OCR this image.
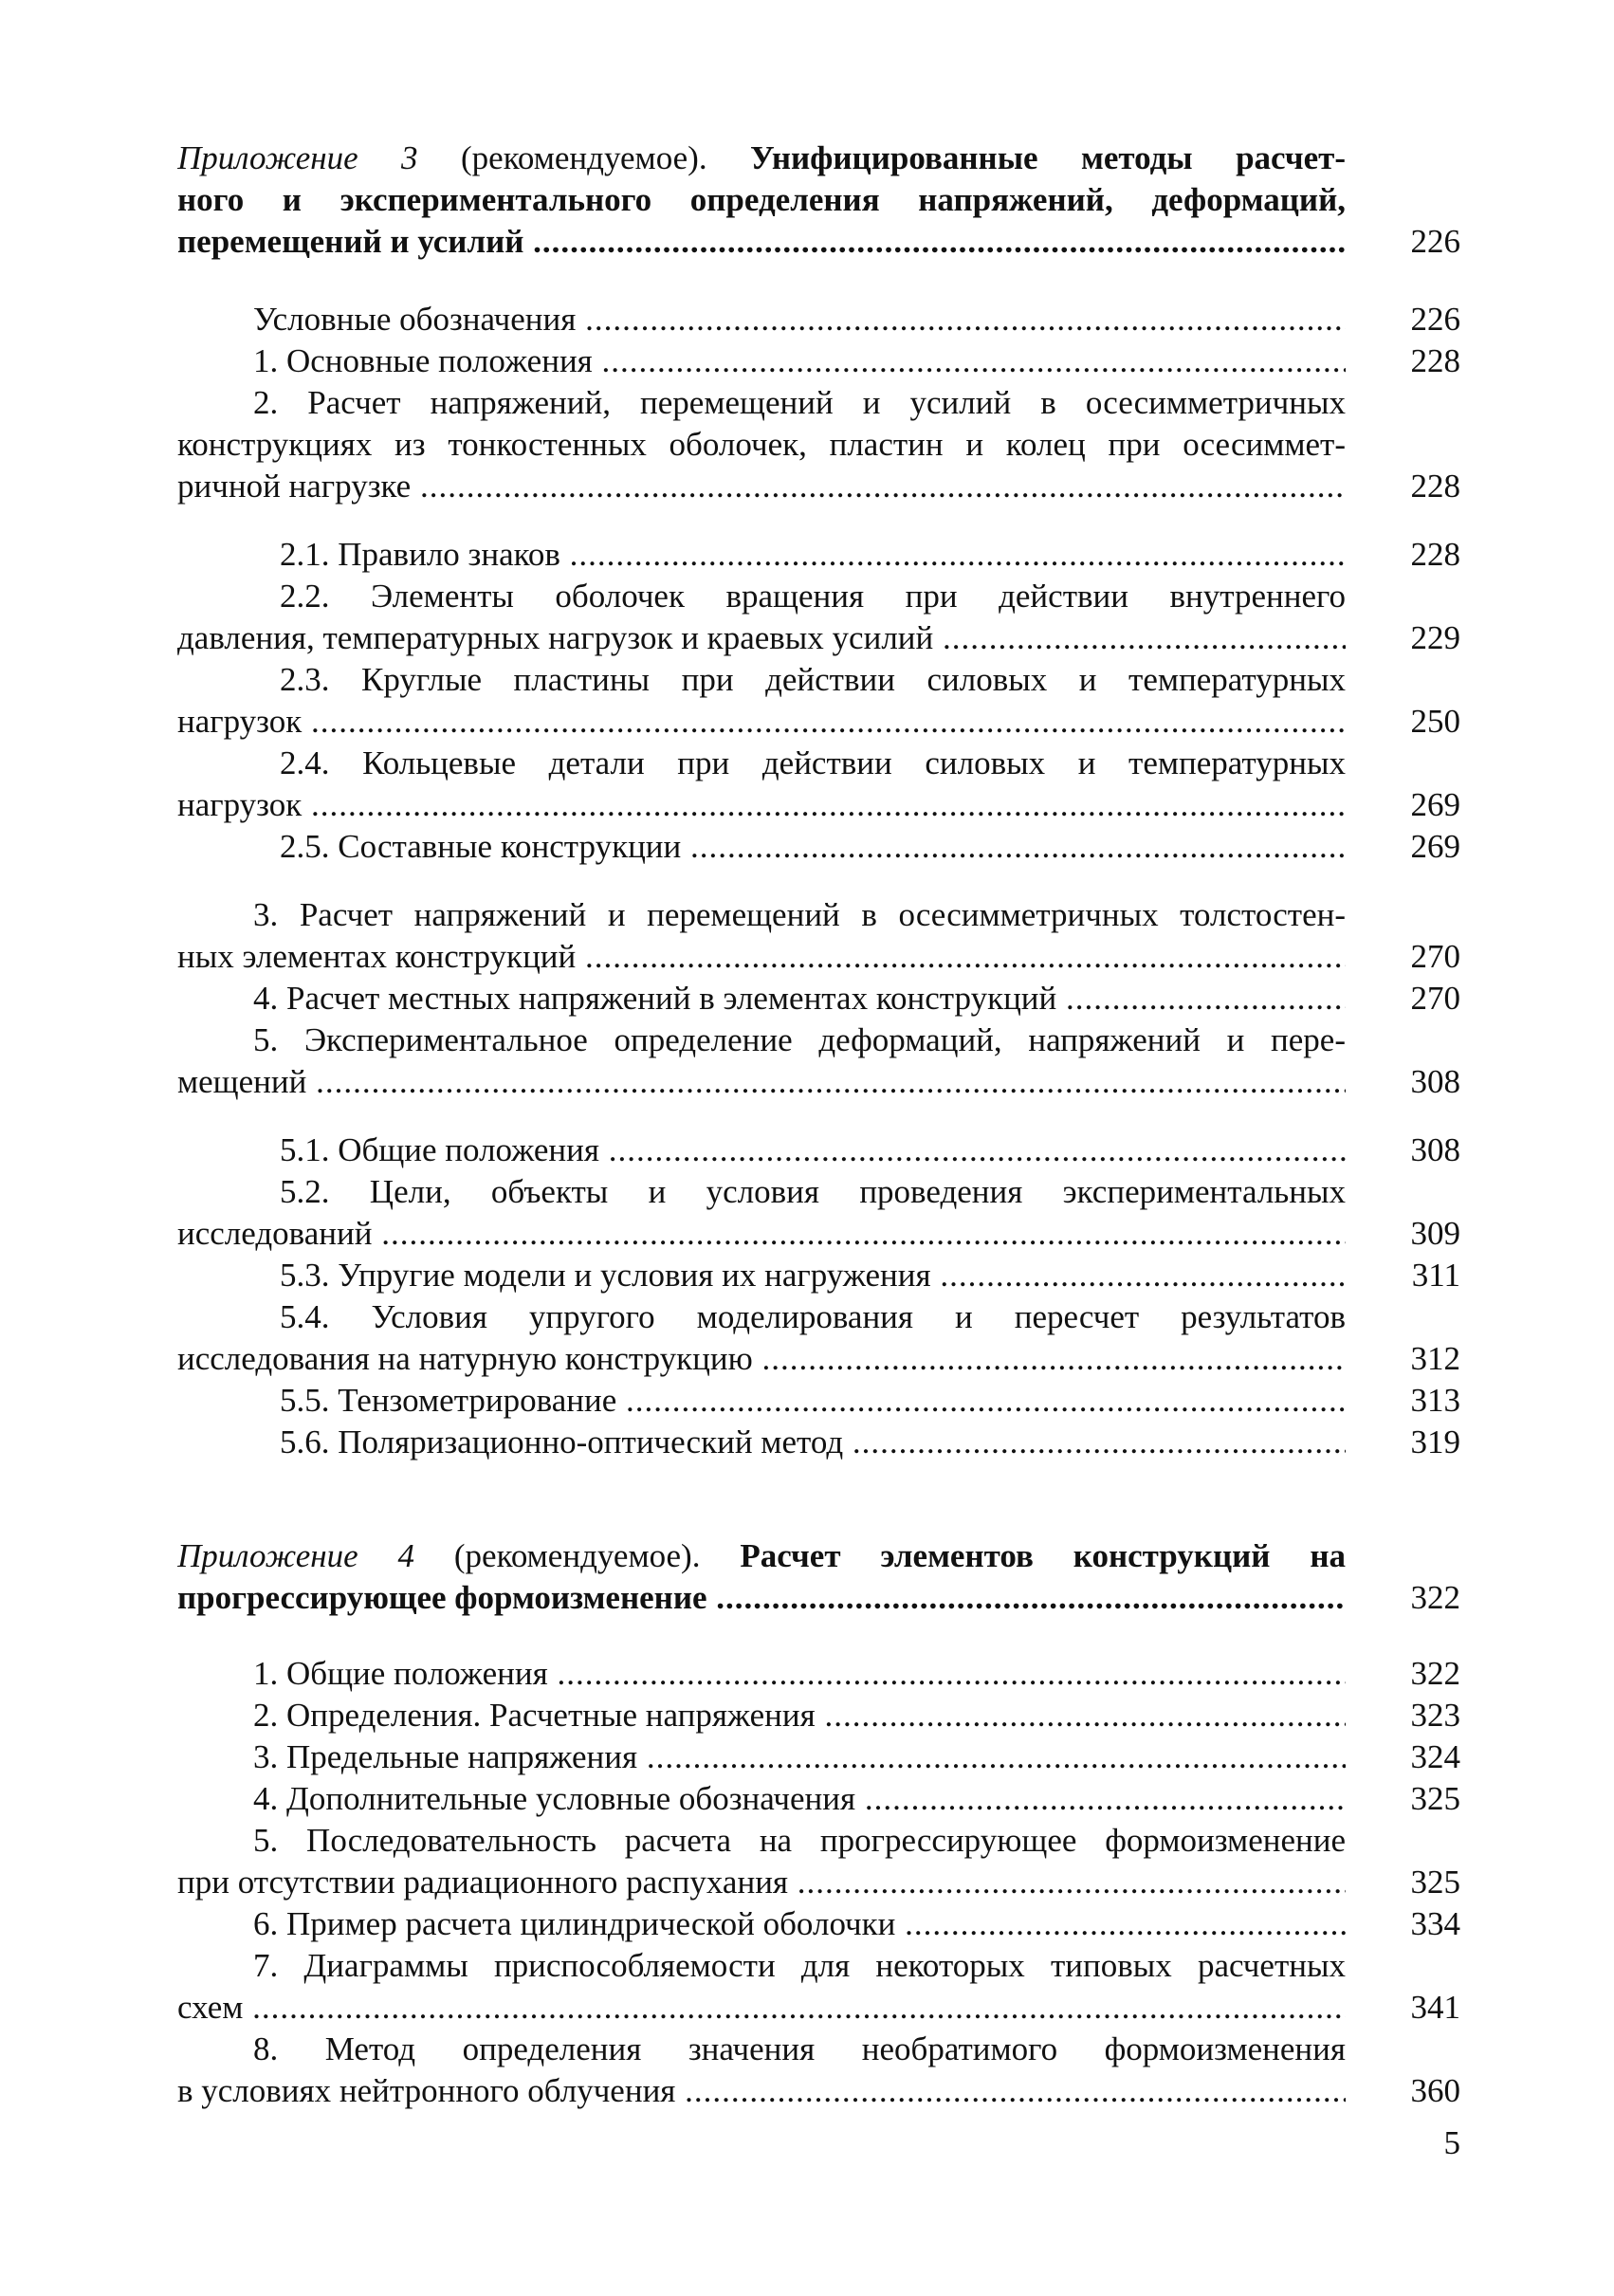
Приложение 3 (рекомендуемое). Унифицированные методы расчет-
ного и экспериментального определения напряжений, деформаций,
перемещений и усилий .....	226
Условные обозначения .....	226
1. Основные положения .....	228
2. Расчет напряжений, перемещений и усилий в осесимметричных
конструкциях из тонкостенных оболочек, пластин и колец при осесиммет-
ричной нагрузке .....	228
2.1. Правило знаков .....	228
2.2. Элементы оболочек вращения при действии внутреннего
давления, температурных нагрузок и краевых усилий .....	229
2.3. Круглые пластины при действии силовых и температурных
нагрузок .....	250
2.4. Кольцевые детали при действии силовых и температурных
нагрузок .....	269
2.5. Составные конструкции .....	269
3. Расчет напряжений и перемещений в осесимметричных толстостен-
ных элементах конструкций .....	270
4. Расчет местных напряжений в элементах конструкций .....	270
5. Экспериментальное определение деформаций, напряжений и пере-
мещений .....	308
5.1. Общие положения .....	308
5.2. Цели, объекты и условия проведения экспериментальных
исследований .....	309
5.3. Упругие модели и условия их нагружения .....	311
5.4. Условия упругого моделирования и пересчет результатов
исследования на натурную конструкцию .....	312
5.5. Тензометрирование .....	313
5.6. Поляризационно-оптический метод .....	319
Приложение 4 (рекомендуемое). Расчет элементов конструкций на
прогрессирующее формоизменение .....	322
1. Общие положения .....	322
2. Определения. Расчетные напряжения .....	323
3. Предельные напряжения .....	324
4. Дополнительные условные обозначения .....	325
5. Последовательность расчета на прогрессирующее формоизменение
при отсутствии радиационного распухания .....	325
6. Пример расчета цилиндрической оболочки .....	334
7. Диаграммы приспособляемости для некоторых типовых расчетных
схем .....	341
8. Метод определения значения необратимого формоизменения
в условиях нейтронного облучения .....	360
5
